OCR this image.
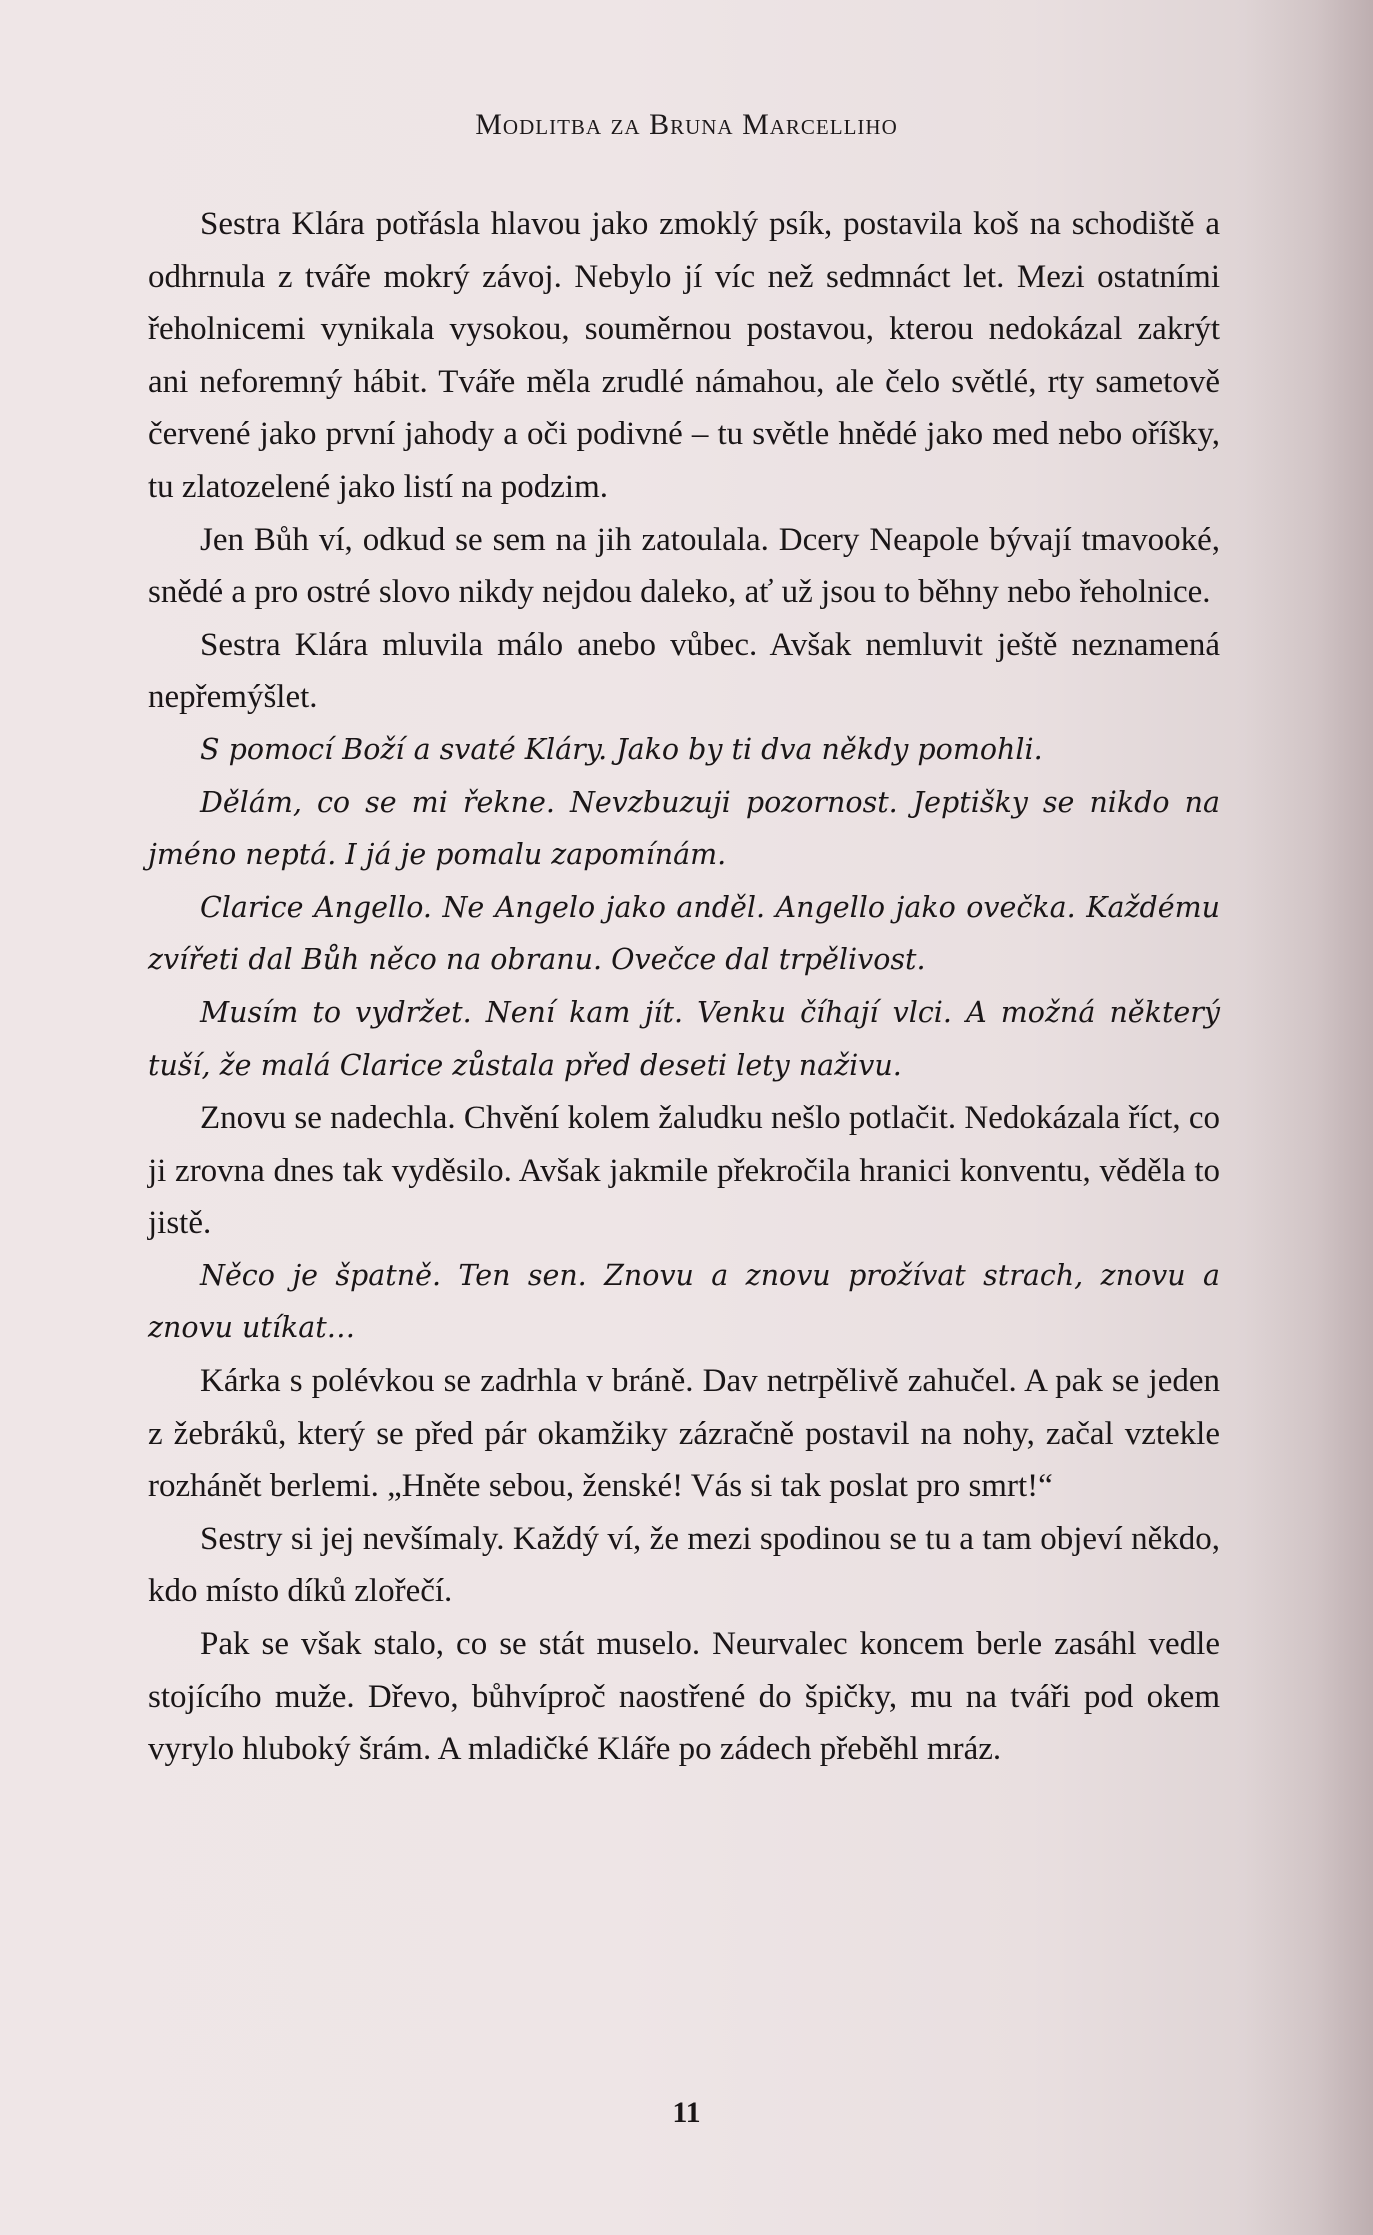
Modlitba za Bruna Marcelliho

Sestra Klára potřásla hlavou jako zmoklý psík, postavila koš na schodiště a odhrnula z tváře mokrý závoj. Nebylo jí víc než sedmnáct let. Mezi ostatními řeholnicemi vynikala vysokou, souměrnou postavou, kterou nedokázal zakrýt ani neforemný hábit. Tváře měla zrudlé námahou, ale čelo světlé, rty sametově červené jako první jahody a oči podivné – tu světle hnědé jako med nebo oříšky, tu zlatozelené jako listí na podzim.

Jen Bůh ví, odkud se sem na jih zatoulala. Dcery Neapole bývají tmavooké, snědé a pro ostré slovo nikdy nejdou daleko, ať už jsou to běhny nebo řeholnice.

Sestra Klára mluvila málo anebo vůbec. Avšak nemluvit ještě neznamená nepřemýšlet.

S pomocí Boží a svaté Kláry. Jako by ti dva někdy pomohli.

Dělám, co se mi řekne. Nevzbuzuji pozornost. Jeptišky se nikdo na jméno neptá. I já je pomalu zapomínám.

Clarice Angello. Ne Angelo jako anděl. Angello jako ovečka. Každému zvířeti dal Bůh něco na obranu. Ovečce dal trpělivost.

Musím to vydržet. Není kam jít. Venku číhají vlci. A možná některý tuší, že malá Clarice zůstala před deseti lety naživu.

Znovu se nadechla. Chvění kolem žaludku nešlo potlačit. Nedokázala říct, co ji zrovna dnes tak vyděsilo. Avšak jakmile překročila hranici konventu, věděla to jistě.

Něco je špatně. Ten sen. Znovu a znovu prožívat strach, znovu a znovu utíkat…

Kárka s polévkou se zadrhla v bráně. Dav netrpělivě zahučel. A pak se jeden z žebráků, který se před pár okamžiky zázračně postavil na nohy, začal vztekle rozhánět berlemi. „Hněte sebou, ženské! Vás si tak poslat pro smrt!“

Sestry si jej nevšímaly. Každý ví, že mezi spodinou se tu a tam objeví někdo, kdo místo díků zlořečí.

Pak se však stalo, co se stát muselo. Neurvalec koncem berle zasáhl vedle stojícího muže. Dřevo, bůhvíproč naostřené do špičky, mu na tváři pod okem vyrylo hluboký šrám. A mladičké Kláře po zádech přeběhl mráz.

11
